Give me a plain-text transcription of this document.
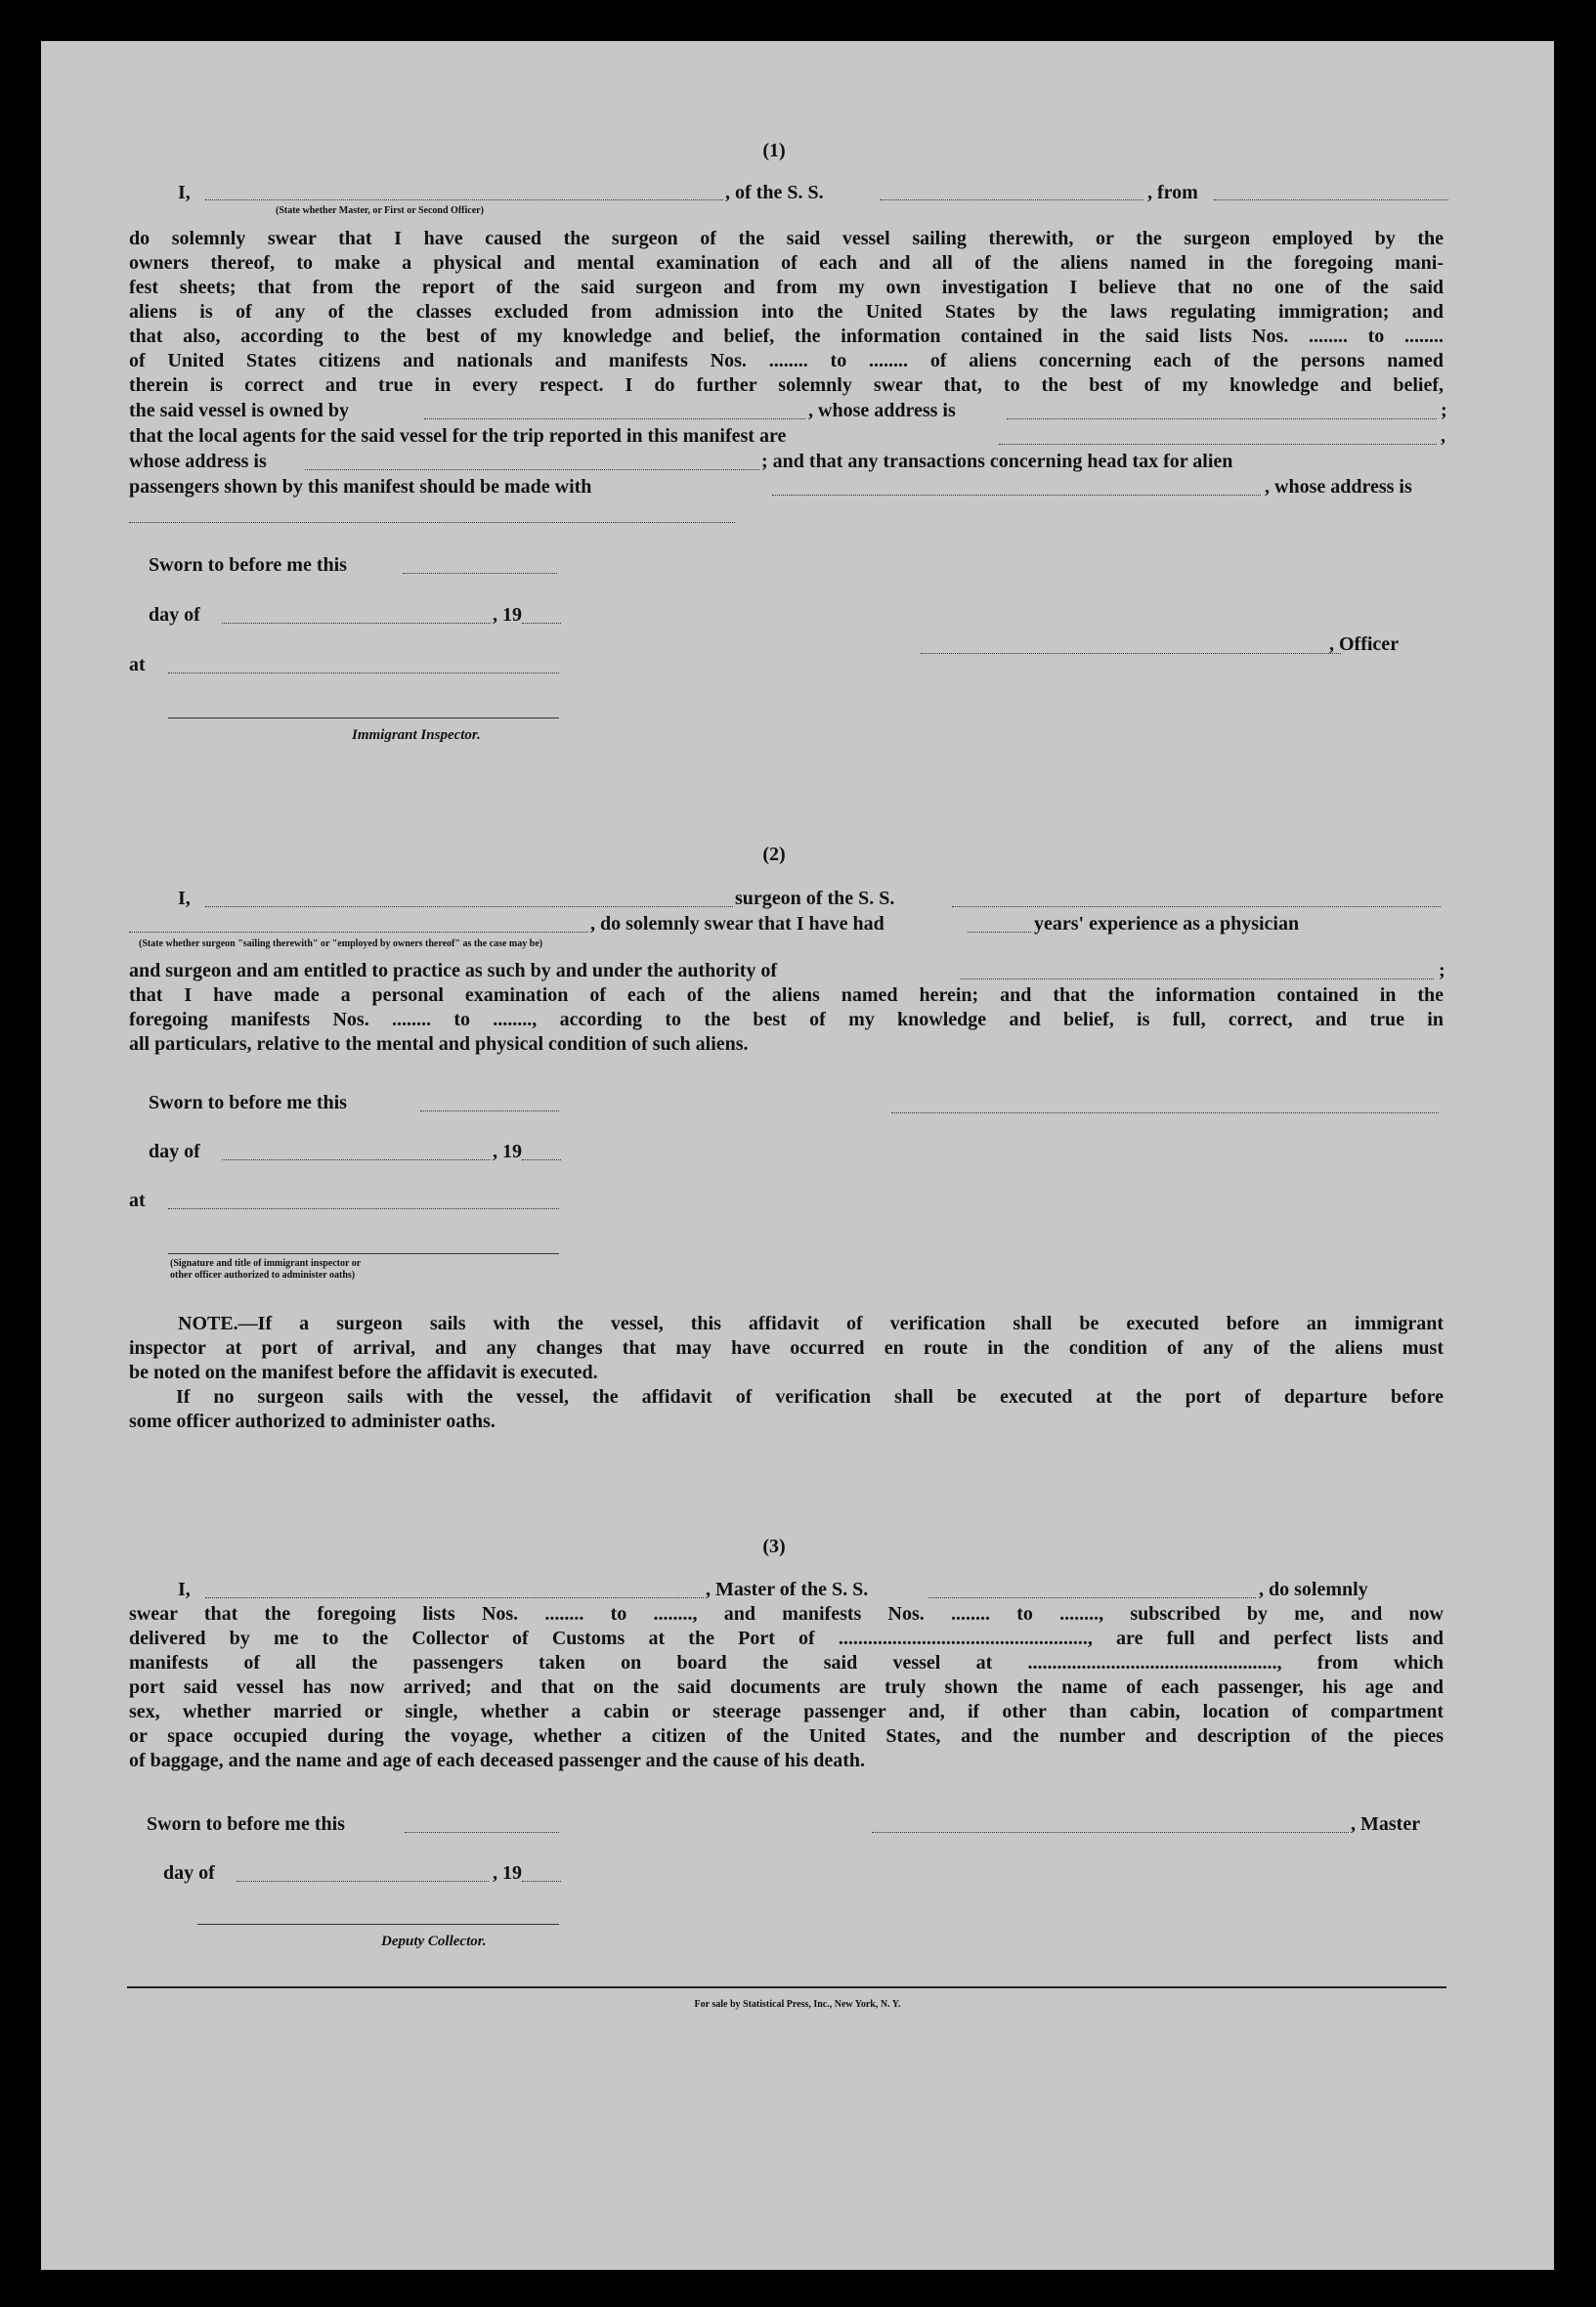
(1)
I,	, of the S. S.	, from
(State whether Master, or First or Second Officer)
do solemnly swear that I have caused the surgeon of the said vessel sailing therewith, or the surgeon employed by the
owners thereof, to make a physical and mental examination of each and all of the aliens named in the foregoing mani-
fest sheets; that from the report of the said surgeon and from my own investigation I believe that no one of the said
aliens is of any of the classes excluded from admission into the United States by the laws regulating immigration; and
that also, according to the best of my knowledge and belief, the information contained in the said lists Nos. ........ to ........
of United States citizens and nationals and manifests Nos. ........ to ........ of aliens concerning each of the persons named
therein is correct and true in every respect. I do further solemnly swear that, to the best of my knowledge and belief,
the said vessel is owned by	, whose address is	;
that the local agents for the said vessel for the trip reported in this manifest are	,
whose address is	; and that any transactions concerning head tax for alien
passengers shown by this manifest should be made with	, whose address is
Sworn to before me this
day of	, 19
at
Immigrant Inspector.
, Officer
(2)
I,	surgeon of the S. S.
, do solemnly swear that I have had	years' experience as a physician
(State whether surgeon "sailing therewith" or "employed by owners thereof" as the case may be)
and surgeon and am entitled to practice as such by and under the authority of	;
that I have made a personal examination of each of the aliens named herein; and that the information contained in the
foregoing manifests Nos. ........ to ........, according to the best of my knowledge and belief, is full, correct, and true in
all particulars, relative to the mental and physical condition of such aliens.
Sworn to before me this
day of	, 19
at
(Signature and title of immigrant inspector or
other officer authorized to administer oaths)
NOTE.—If a surgeon sails with the vessel, this affidavit of verification shall be executed before an immigrant
inspector at port of arrival, and any changes that may have occurred en route in the condition of any of the aliens must
be noted on the manifest before the affidavit is executed.
If no surgeon sails with the vessel, the affidavit of verification shall be executed at the port of departure before
some officer authorized to administer oaths.
(3)
I,	, Master of the S. S.	, do solemnly
swear that the foregoing lists Nos. ........ to ........, and manifests Nos. ........ to ........, subscribed by me, and now
delivered by me to the Collector of Customs at the Port of ..................................................., are full and perfect lists and
manifests of all the passengers taken on board the said vessel at ..................................................., from which
port said vessel has now arrived; and that on the said documents are truly shown the name of each passenger, his age and
sex, whether married or single, whether a cabin or steerage passenger and, if other than cabin, location of compartment
or space occupied during the voyage, whether a citizen of the United States, and the number and description of the pieces
of baggage, and the name and age of each deceased passenger and the cause of his death.
Sworn to before me this	, Master
day of	, 19
Deputy Collector.
For sale by Statistical Press, Inc., New York, N. Y.
